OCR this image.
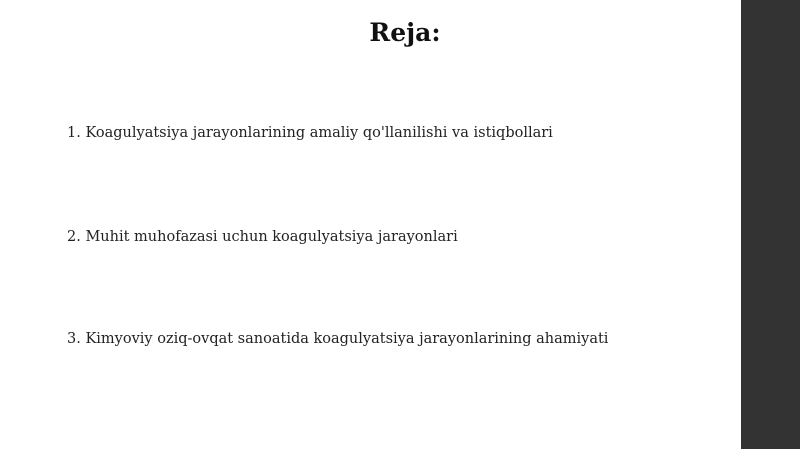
Reja:

1. Koagulyatsiya jarayonlarining amaliy qo'llanilishi va istiqbollari

2. Muhit muhofazasi uchun koagulyatsiya jarayonlari

3. Kimyoviy oziq-ovqat sanoatida koagulyatsiya jarayonlarining ahamiyati
